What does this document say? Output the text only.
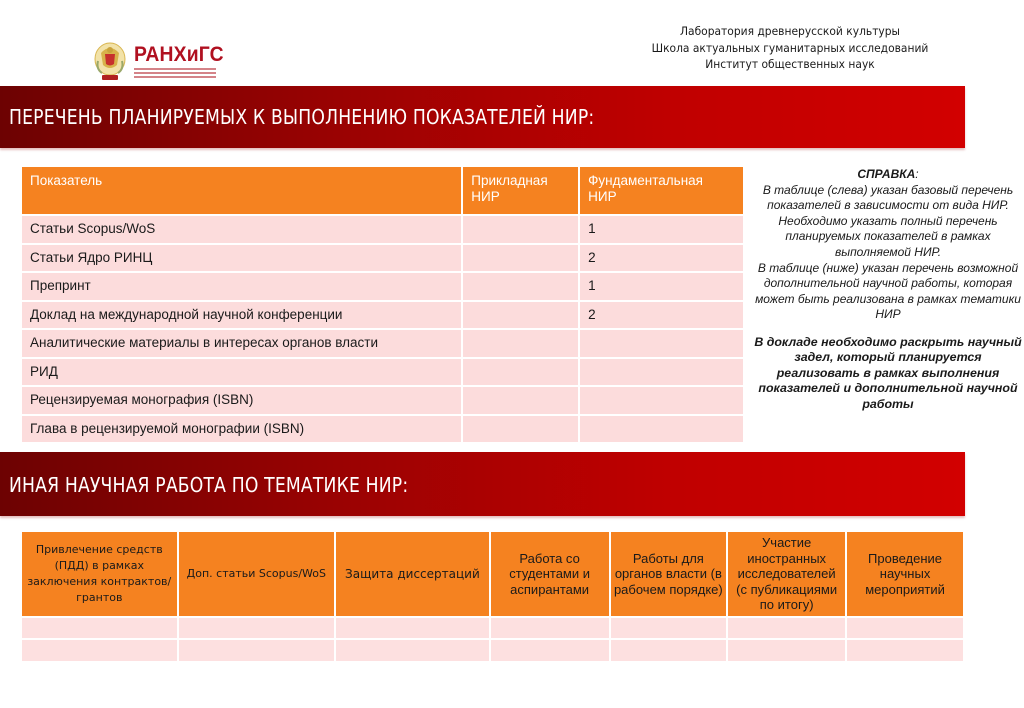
РАНХиГС
Лаборатория древнерусской культуры
Школа актуальных гуманитарных исследований
Институт общественных наук
ПЕРЕЧЕНЬ ПЛАНИРУЕМЫХ К ВЫПОЛНЕНИЮ ПОКАЗАТЕЛЕЙ НИР:
Показатель	Прикладная НИР	Фундаментальная НИР
Статьи Scopus/WoS		1
Статьи Ядро РИНЦ		2
Препринт		1
Доклад на международной научной конференции		2
Аналитические материалы в интересах органов власти		
РИД		
Рецензируемая монография (ISBN)		
Глава в рецензируемой монографии (ISBN)		
СПРАВКА:
В таблице (слева) указан базовый перечень показателей в зависимости от вида НИР. Необходимо указать полный перечень планируемых показателей в рамках выполняемой НИР.
В таблице (ниже) указан перечень возможной дополнительной научной работы, которая может быть реализована в рамках тематики НИР
В докладе необходимо раскрыть научный задел, который планируется реализовать в рамках выполнения показателей и дополнительной научной работы
ИНАЯ НАУЧНАЯ РАБОТА ПО ТЕМАТИКЕ НИР:
Привлечение средств (ПДД) в рамках заключения контрактов/грантов	Доп. статьи Scopus/WoS	Защита диссертаций	Работа со студентами и аспирантами	Работы для органов власти (в рабочем порядке)	Участие иностранных исследователей (с публикациями по итогу)	Проведение научных мероприятий
